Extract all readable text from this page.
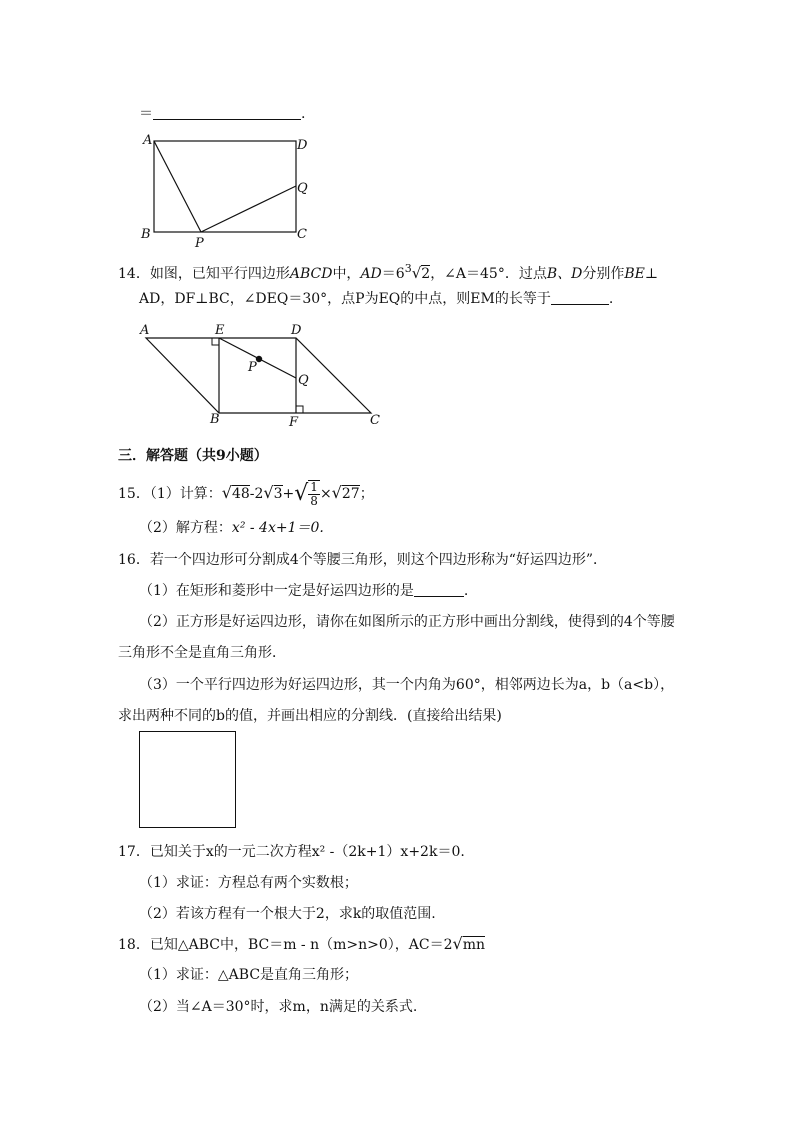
＝	.
A	D
Q
B
P
C
14．如图，已知平行四边形ABCD中，$AD=6^3√2$，∠A＝45°．过点B、D分别作BE⊥
AD，DF⊥BC，∠DEQ＝30°，点P为EQ的中点，则EM的长等于	.
A	E	D
P
Q
B	F	C
三．解答题（共9小题）
15．（1）计算：$√48-2√3+√ \frac{1}{8} \times√27$；
（2）解方程：x² - 4x+1＝0.
16．若一个四边形可分割成4个等腰三角形，则这个四边形称为“好运四边形”．
（1）在矩形和菱形中一定是好运四边形的是	.
（2）正方形是好运四边形，请你在如图所示的正方形中画出分割线，使得到的4个等腰
三角形不全是直角三角形．
（3）一个平行四边形为好运四边形，其一个内角为60°，相邻两边长为a，b（a<b），
求出两种不同的b的值，并画出相应的分割线．(直接给出结果)
17．已知关于x的一元二次方程x² -（2k+1）x+2k＝0.
（1）求证：方程总有两个实数根；
（2）若该方程有一个根大于2，求k的取值范围.
18．已知△ABC中，BC＝m - n（m>n>0），AC＝2√mn
（1）求证：△ABC是直角三角形；
（2）当∠A＝30°时，求m，n满足的关系式.
